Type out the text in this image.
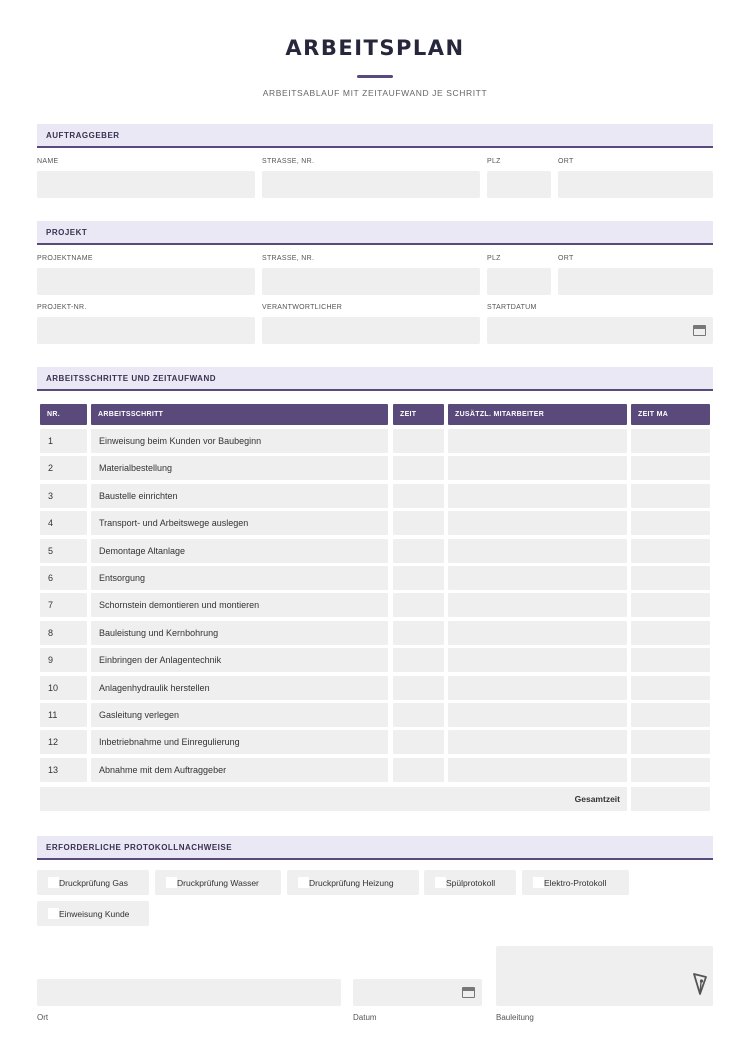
ARBEITSPLAN
ARBEITSABLAUF MIT ZEITAUFWAND JE SCHRITT
AUFTRAGGEBER
NAME	STRASSE, NR.	PLZ	ORT
PROJEKT
PROJEKTNAME	STRASSE, NR.	PLZ	ORT
PROJEKT-NR.	VERANTWORTLICHER	STARTDATUM
ARBEITSSCHRITTE UND ZEITAUFWAND
NR.	ARBEITSSCHRITT	ZEIT	ZUSÄTZL. MITARBEITER	ZEIT MA
1	Einweisung beim Kunden vor Baubeginn
2	Materialbestellung
3	Baustelle einrichten
4	Transport- und Arbeitswege auslegen
5	Demontage Altanlage
6	Entsorgung
7	Schornstein demontieren und montieren
8	Bauleistung und Kernbohrung
9	Einbringen der Anlagentechnik
10	Anlagenhydraulik herstellen
11	Gasleitung verlegen
12	Inbetriebnahme und Einregulierung
13	Abnahme mit dem Auftraggeber
Gesamtzeit
ERFORDERLICHE PROTOKOLLNACHWEISE
Druckprüfung Gas	Druckprüfung Wasser	Druckprüfung Heizung	Spülprotokoll	Elektro-Protokoll
Einweisung Kunde
Ort	Datum	Bauleitung
